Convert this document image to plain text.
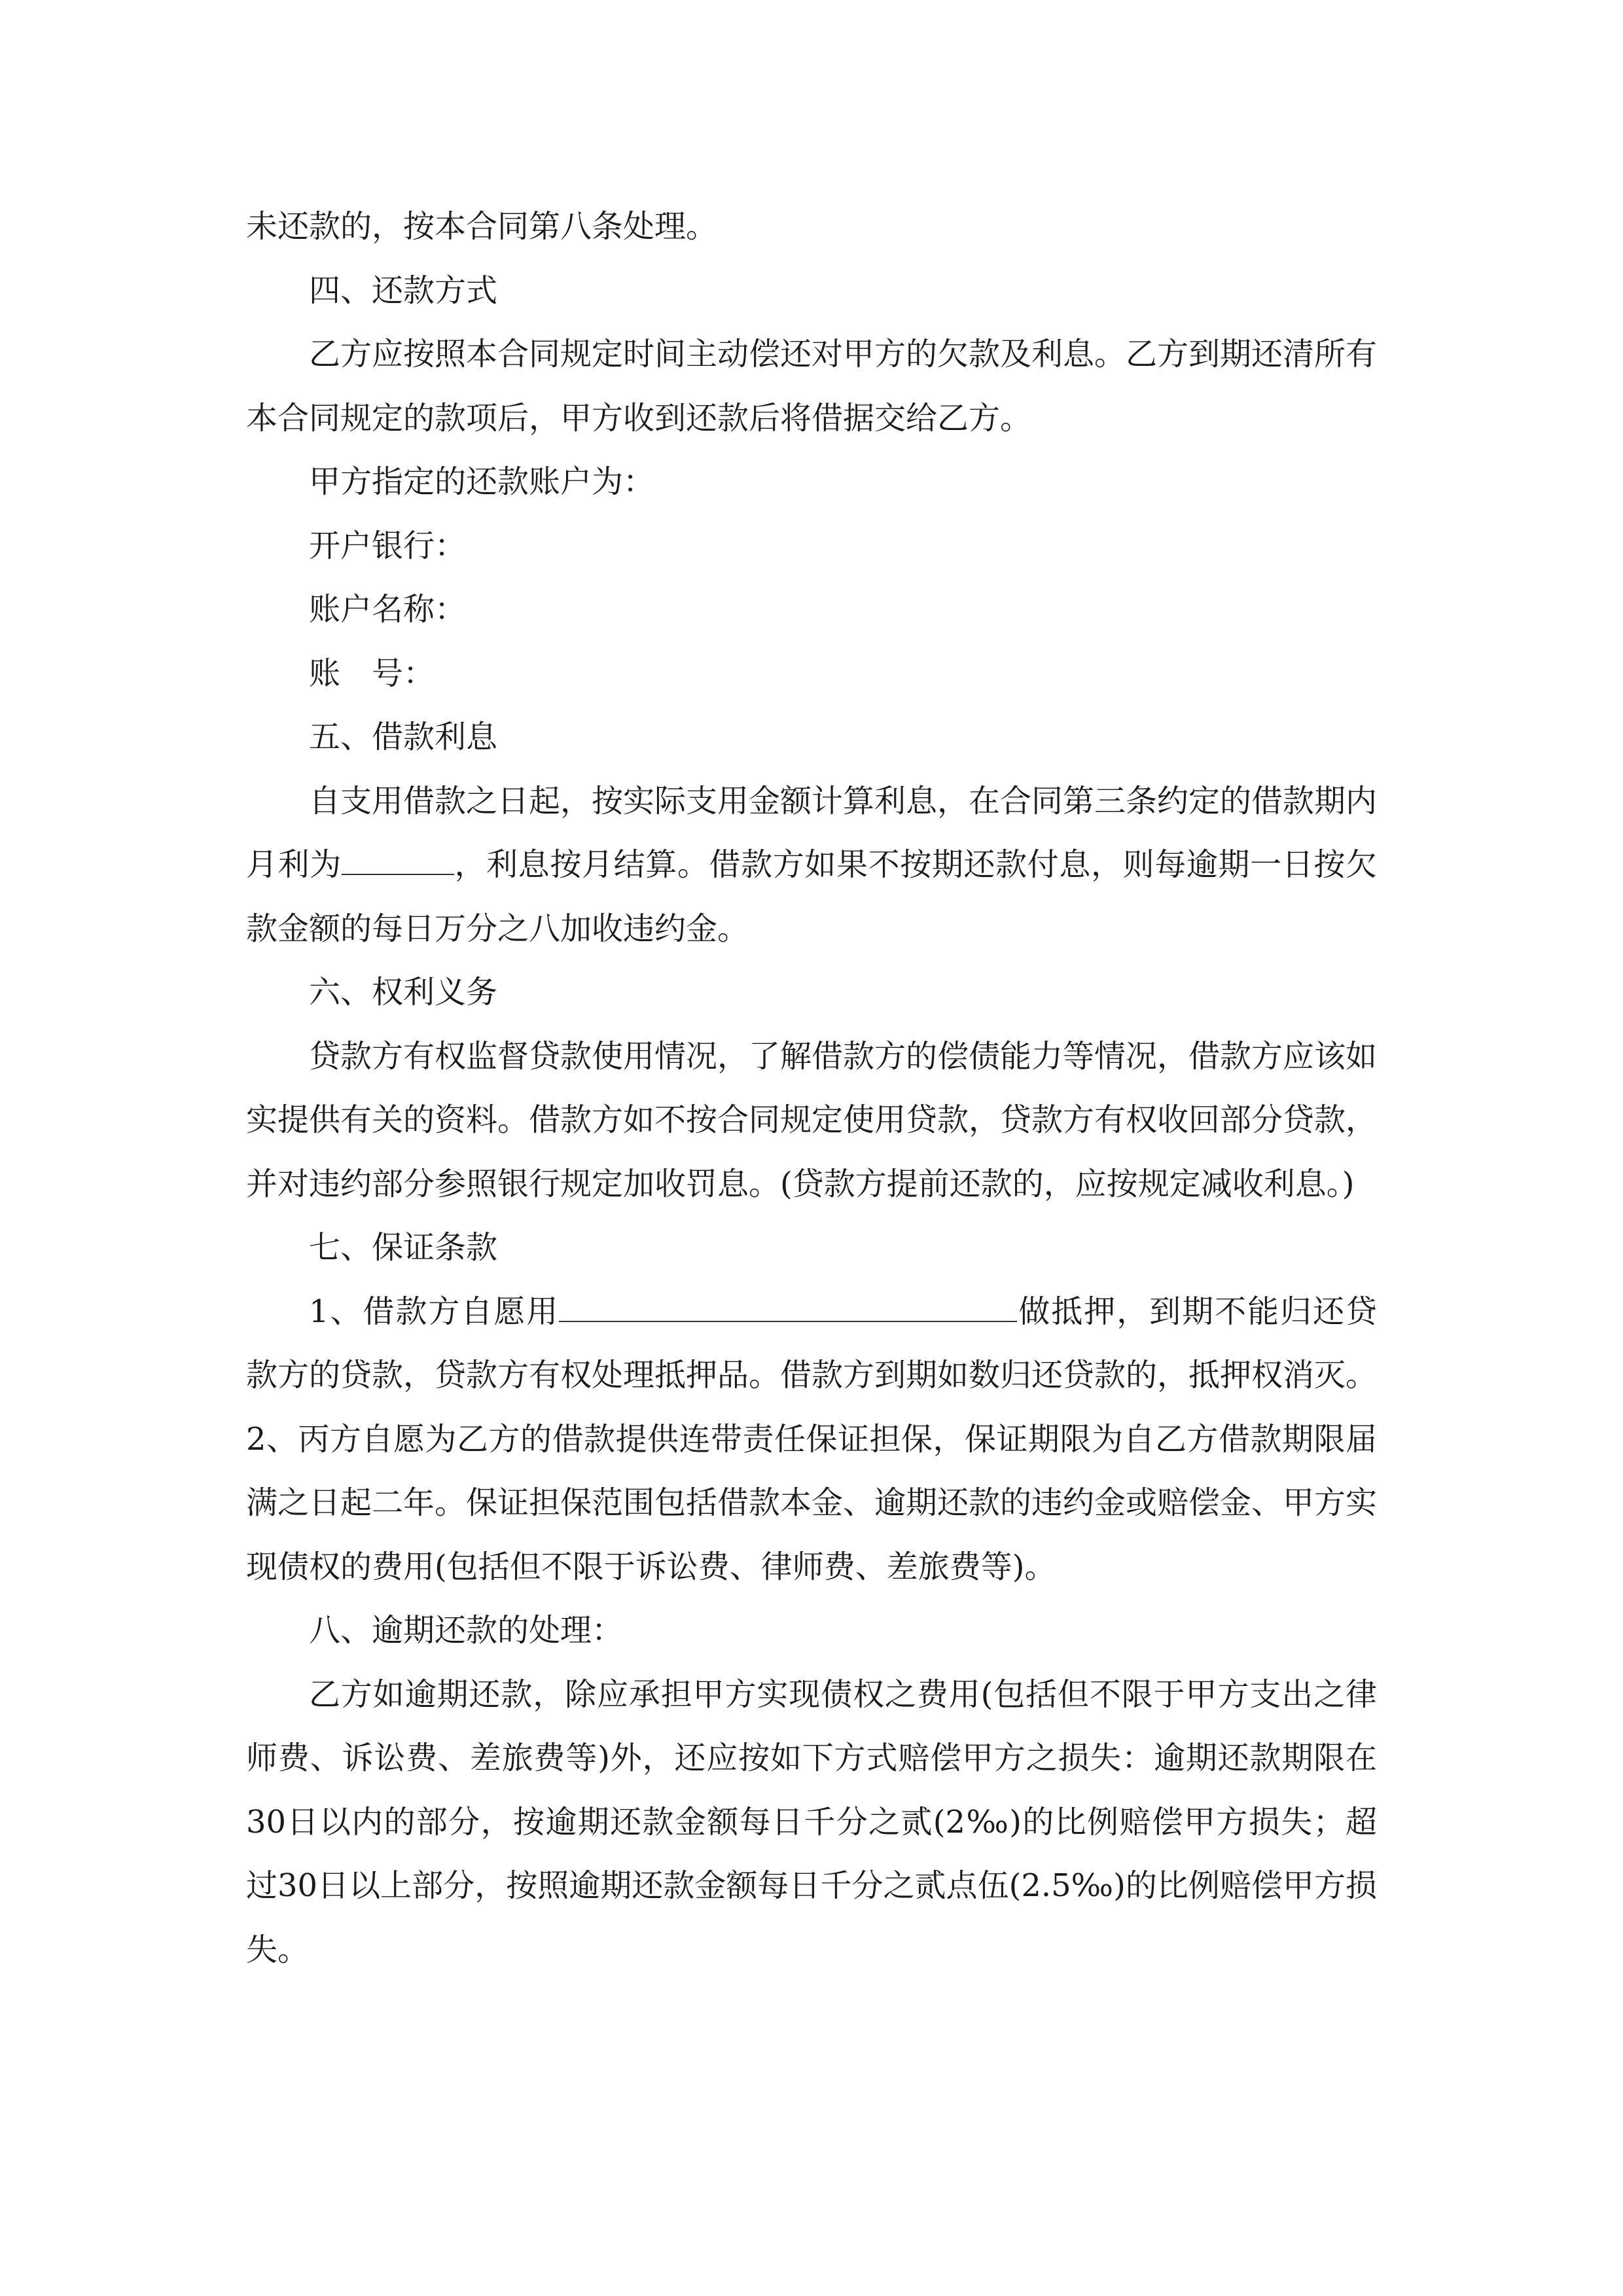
未还款的，按本合同第八条处理。

四、还款方式

乙方应按照本合同规定时间主动偿还对甲方的欠款及利息。乙方到期还清所有本合同规定的款项后，甲方收到还款后将借据交给乙方。

甲方指定的还款账户为：

开户银行：

账户名称：

账　号：

五、借款利息

自支用借款之日起，按实际支用金额计算利息，在合同第三条约定的借款期内月利为	，利息按月结算。借款方如果不按期还款付息，则每逾期一日按欠款金额的每日万分之八加收违约金。

六、权利义务

贷款方有权监督贷款使用情况，了解借款方的偿债能力等情况，借款方应该如实提供有关的资料。借款方如不按合同规定使用贷款，贷款方有权收回部分贷款，并对违约部分参照银行规定加收罚息。(贷款方提前还款的，应按规定减收利息。)

七、保证条款

1、借款方自愿用	做抵押，到期不能归还贷款方的贷款，贷款方有权处理抵押品。借款方到期如数归还贷款的，抵押权消灭。

2、丙方自愿为乙方的借款提供连带责任保证担保，保证期限为自乙方借款期限届满之日起二年。保证担保范围包括借款本金、逾期还款的违约金或赔偿金、甲方实现债权的费用(包括但不限于诉讼费、律师费、差旅费等)。

八、逾期还款的处理：

乙方如逾期还款，除应承担甲方实现债权之费用(包括但不限于甲方支出之律师费、诉讼费、差旅费等)外，还应按如下方式赔偿甲方之损失：逾期还款期限在30日以内的部分，按逾期还款金额每日千分之贰(2‰)的比例赔偿甲方损失；超过30日以上部分，按照逾期还款金额每日千分之贰点伍(2.5‰)的比例赔偿甲方损失。
